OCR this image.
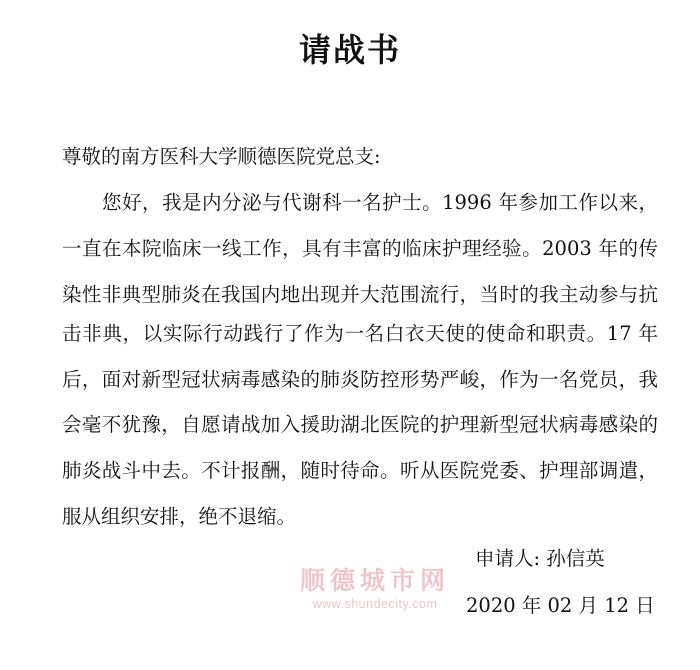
请战书
尊敬的南方医科大学顺德医院党总支:
您好，我是内分泌与代谢科一名护士。1996 年参加工作以来，
一直在本院临床一线工作，具有丰富的临床护理经验。2003 年的传
染性非典型肺炎在我国内地出现并大范围流行，当时的我主动参与抗
击非典，以实际行动践行了作为一名白衣天使的使命和职责。17 年
后，面对新型冠状病毒感染的肺炎防控形势严峻，作为一名党员，我
会毫不犹豫，自愿请战加入援助湖北医院的护理新型冠状病毒感染的
肺炎战斗中去。不计报酬，随时待命。听从医院党委、护理部调遣，
服从组织安排，绝不退缩。
申请人: 孙信英
顺德城市网
www.shundecity.com	2020 年 02 月 12 日
